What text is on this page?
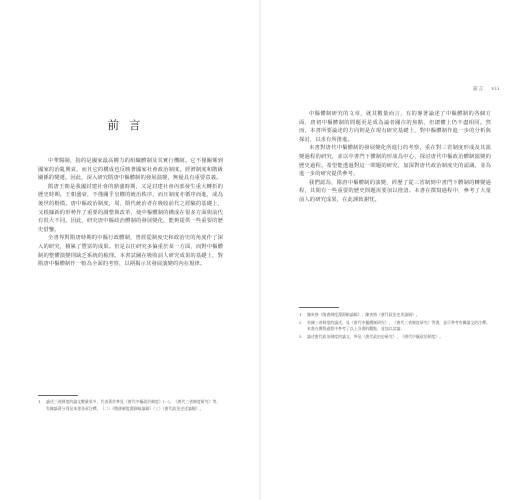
前言

中華醫制，指的是國家最高權力的組織體制及其實行機制。它不僅關係到國家的治亂興衰，而且它的構成也反映著國家社會政治制度。經濟制度和階級關係的變遷。因此，深入研究隋唐中樞體制的發展演變，無疑具有重要意義。

隋唐王朝是我國封建社會的鼎盛時期，又是封建社會內部發生重大轉折的歷史時期。王朝盛衰，不僅關乎皇權的統治秩序，而且制度亦循序而進，成為後世的楷模。唐中樞政治制度，周、隋代統治者在吸收前代之經驗的基礎上，又根據新的形勢作了重要的調整與改革，使中樞體制的構成在很多方面與前代有很大不同。因此，研究唐中樞政治體制的發展變化，能夠提供一些重要的歷史借鑒。

全書界對隋唐時期的中樞行政體制，曾經從制度史和政治史的角度作了深入的研究，積累了豐富的成果。但是以往研究多偏重於某一方面，而對中樞體制的整體演變則缺乏系統的梳理。本書試圖在吸收前人研究成果的基礎上，對隋唐中樞體制作一較為全面的考察，以期揭示其發展演變的內在規律。

1	論述三省制度的論文數量眾多，代表著作參見《唐代中樞政治制度》(一)、《唐代三省制度研究》等，有關論著分別見本書各章注釋。（二）《隋唐制度淵源略論稿》（三）《唐代政治史述論稿》。
前言 vii

中樞體制研究的文章，就其數量而言，有的專著論述了中樞體制的各個方面，唐初中樞體制的問題更是成為論者關注的焦點，但總體上仍不盡相同。然而，本書所要論述的方向則是在現有研究基礎上，對中樞體制作進一步的分析與探討，以求有所推進。

本書對唐代中樞體制的發展變化所進行的考察，重在對三省制度形成及其演變過程的研究，並以中書門下體制的形成為中心，探討唐代中樞政治體制演變的歷史過程。希望能透過對這一問題的研究，加深對唐代政治制度史的認識，並為進一步的研究提供參考。

我們認為，隋唐中樞體制的演變，經歷了從三省制到中書門下體制的轉變過程，其間有一些重要的歷史問題需要加以澄清。本書在撰寫過程中，參考了大量前人的研究成果，在此謹致謝忱。

1	陳寅恪《隋唐制度淵源略論稿》、陳寅恪《唐代政治史述論稿》。
2	有關三省制度的論述，見《唐代中樞體制研究》、《唐代三省制度研究》等書，並可參考有關論文的注釋。本書在撰寫過程中參考了以上各書的觀點，並加以討論。
3	論述唐代政治制度的論文，參見《唐代政治史研究》、《唐代中樞政治制度》。
